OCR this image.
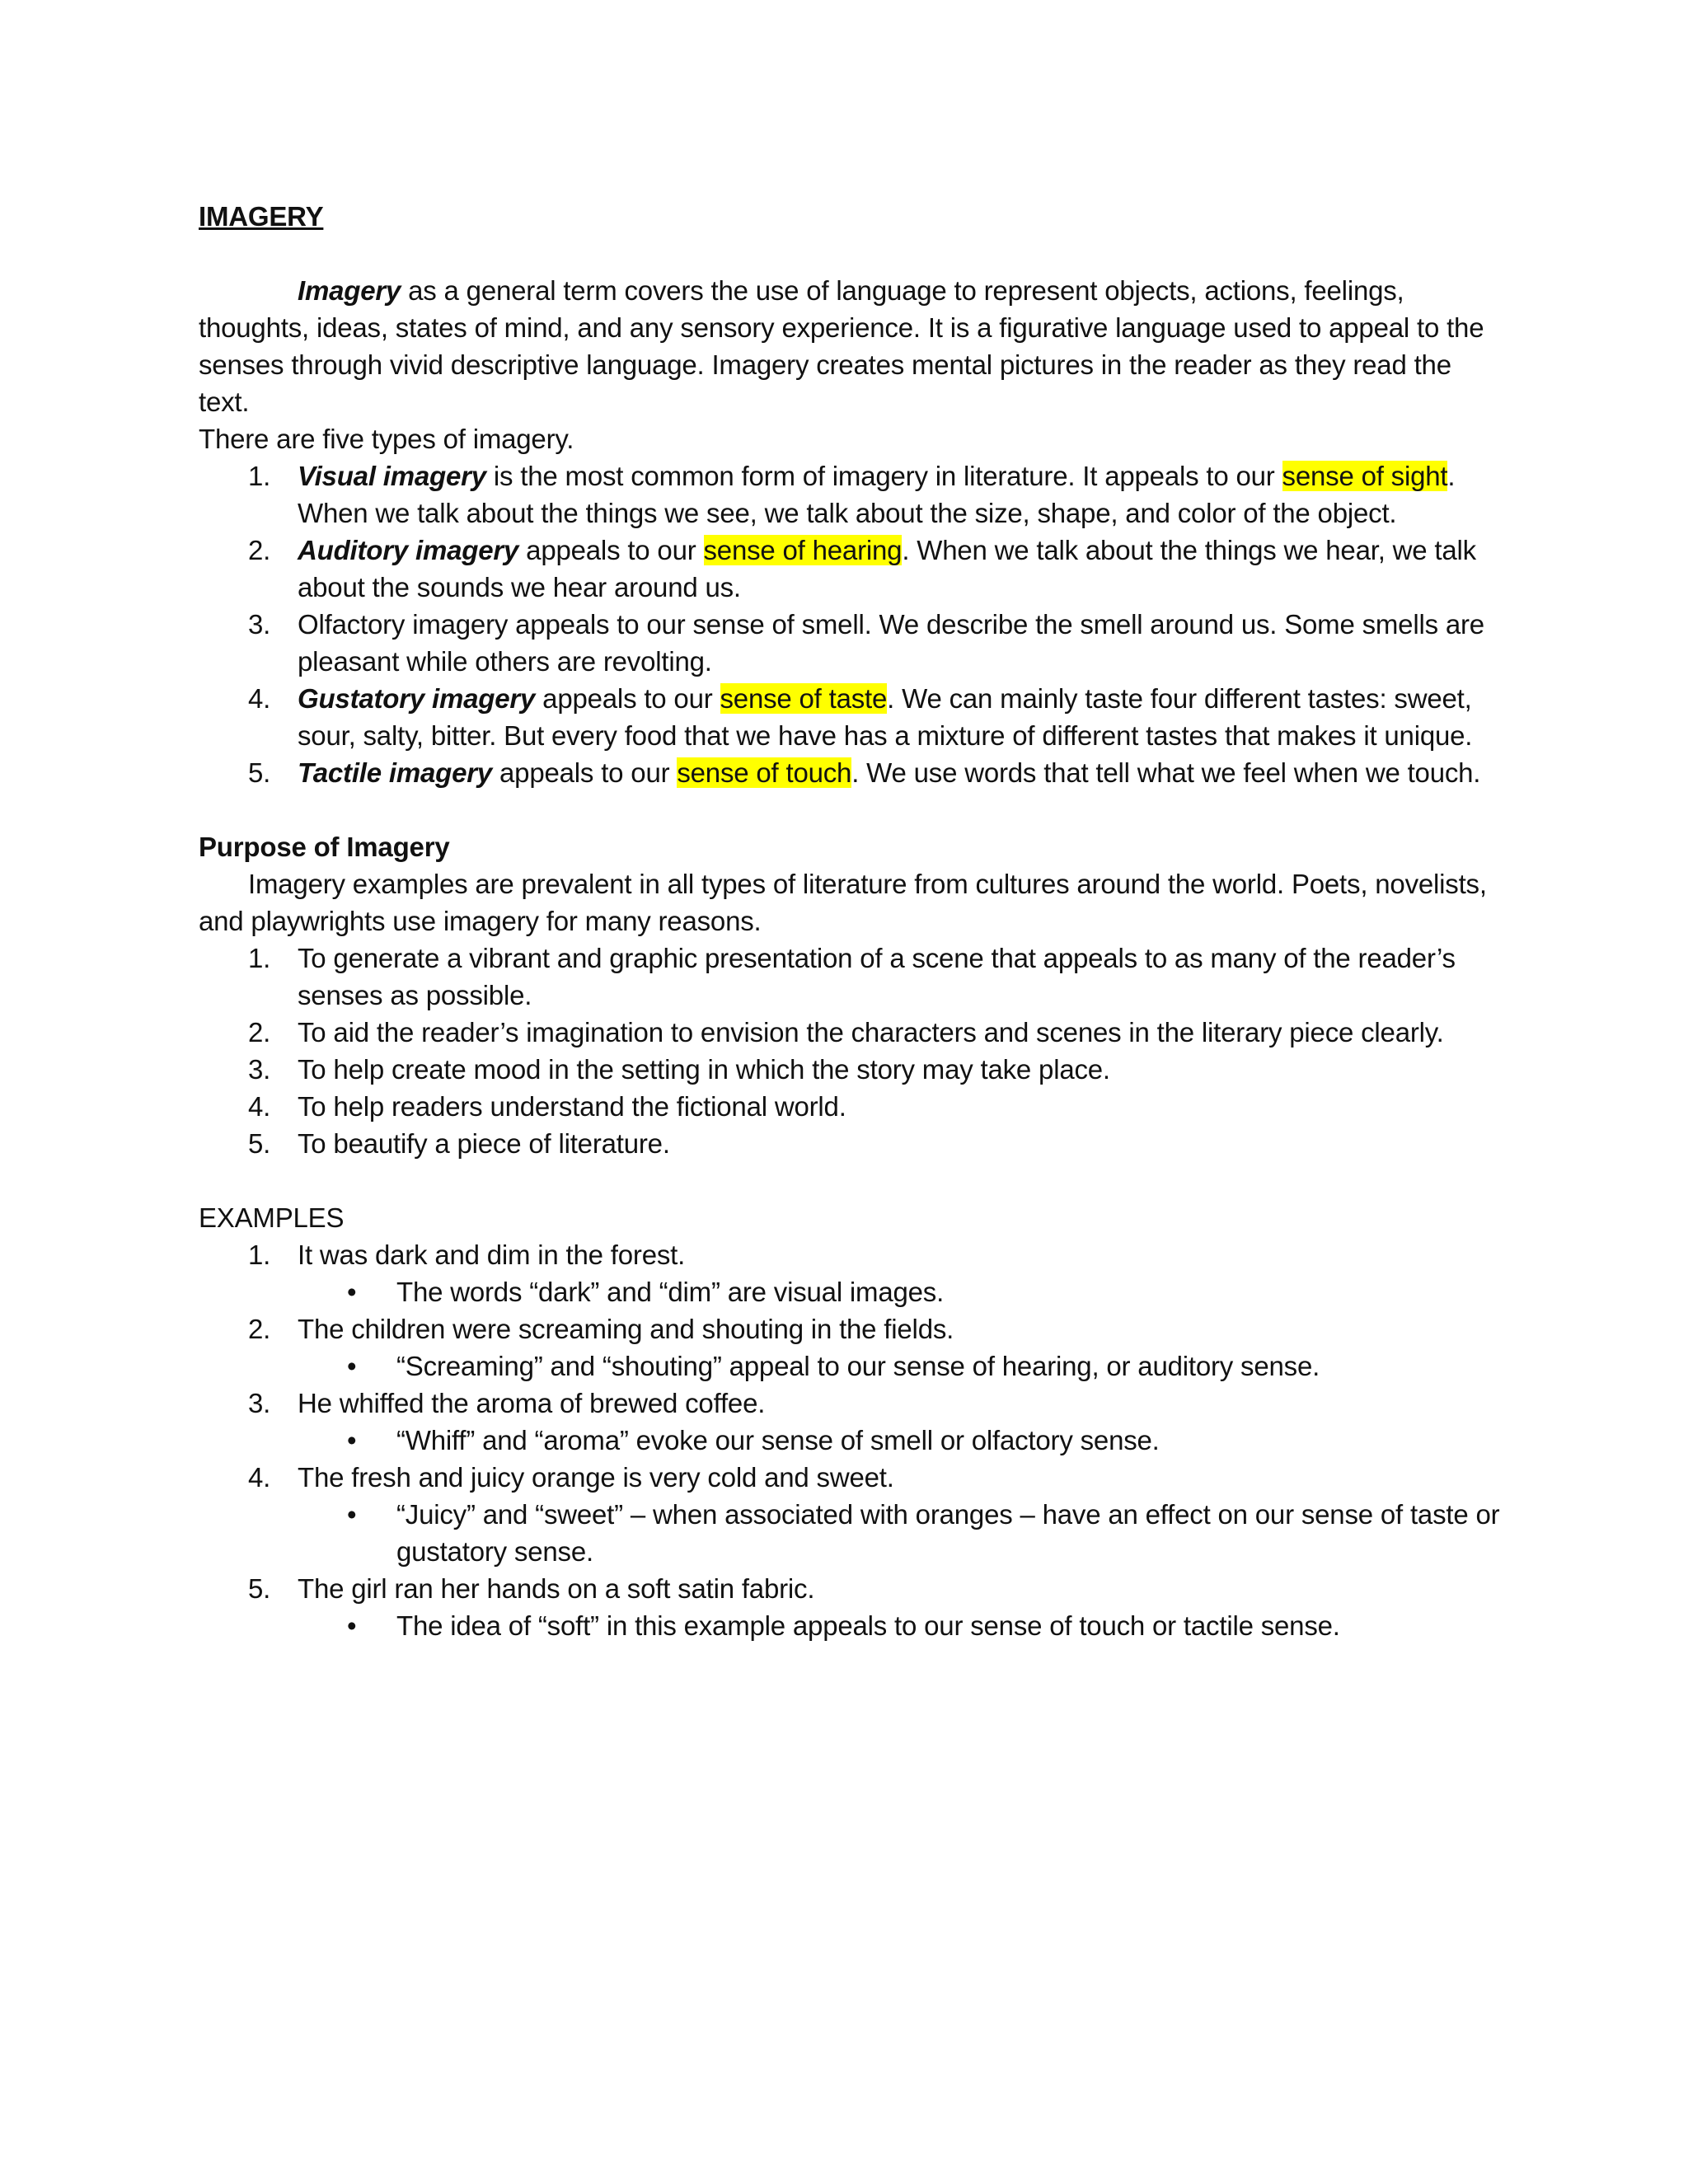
IMAGERY

Imagery as a general term covers the use of language to represent objects, actions, feelings, thoughts, ideas, states of mind, and any sensory experience. It is a figurative language used to appeal to the senses through vivid descriptive language. Imagery creates mental pictures in the reader as they read the text.

There are five types of imagery.

1. Visual imagery is the most common form of imagery in literature. It appeals to our sense of sight. When we talk about the things we see, we talk about the size, shape, and color of the object.
2. Auditory imagery appeals to our sense of hearing. When we talk about the things we hear, we talk about the sounds we hear around us.
3. Olfactory imagery appeals to our sense of smell. We describe the smell around us. Some smells are pleasant while others are revolting.
4. Gustatory imagery appeals to our sense of taste. We can mainly taste four different tastes: sweet, sour, salty, bitter. But every food that we have has a mixture of different tastes that makes it unique.
5. Tactile imagery appeals to our sense of touch. We use words that tell what we feel when we touch.

Purpose of Imagery

Imagery examples are prevalent in all types of literature from cultures around the world. Poets, novelists, and playwrights use imagery for many reasons.

1. To generate a vibrant and graphic presentation of a scene that appeals to as many of the reader’s senses as possible.
2. To aid the reader’s imagination to envision the characters and scenes in the literary piece clearly.
3. To help create mood in the setting in which the story may take place.
4. To help readers understand the fictional world.
5. To beautify a piece of literature.

EXAMPLES

1. It was dark and dim in the forest.
• The words “dark” and “dim” are visual images.
2. The children were screaming and shouting in the fields.
• “Screaming” and “shouting” appeal to our sense of hearing, or auditory sense.
3. He whiffed the aroma of brewed coffee.
• “Whiff” and “aroma” evoke our sense of smell or olfactory sense.
4. The fresh and juicy orange is very cold and sweet.
• “Juicy” and “sweet” – when associated with oranges – have an effect on our sense of taste or gustatory sense.
5. The girl ran her hands on a soft satin fabric.
• The idea of “soft” in this example appeals to our sense of touch or tactile sense.
